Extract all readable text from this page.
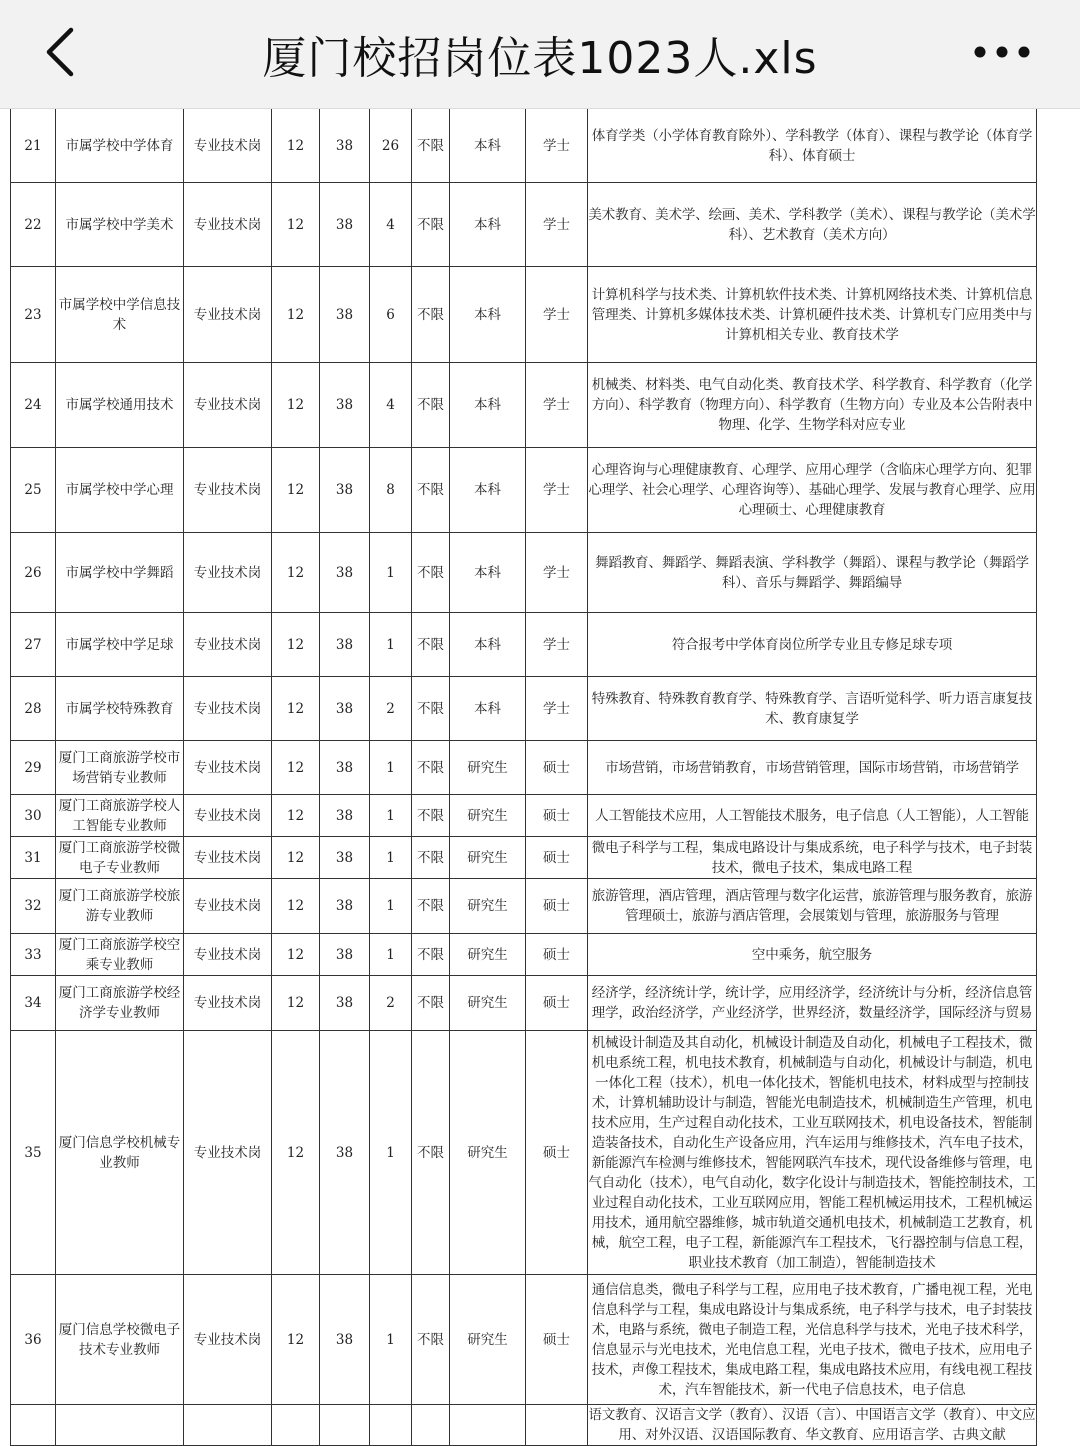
厦门校招岗位表1023人.xls
21	市属学校中学体育	专业技术岗	12	38	26	不限	本科	学士	体育学类（小学体育教育除外）、学科教学（体育）、课程与教学论（体育学科）、体育硕士
22	市属学校中学美术	专业技术岗	12	38	4	不限	本科	学士	美术教育、美术学、绘画、美术、学科教学（美术）、课程与教学论（美术学科）、艺术教育（美术方向）
23	市属学校中学信息技术	专业技术岗	12	38	6	不限	本科	学士	计算机科学与技术类、计算机软件技术类、计算机网络技术类、计算机信息管理类、计算机多媒体技术类、计算机硬件技术类、计算机专门应用类中与计算机相关专业、教育技术学
24	市属学校通用技术	专业技术岗	12	38	4	不限	本科	学士	机械类、材料类、电气自动化类、教育技术学、科学教育、科学教育（化学方向）、科学教育（物理方向）、科学教育（生物方向）专业及本公告附表中物理、化学、生物学科对应专业
25	市属学校中学心理	专业技术岗	12	38	8	不限	本科	学士	心理咨询与心理健康教育、心理学、应用心理学（含临床心理学方向、犯罪心理学、社会心理学、心理咨询等）、基础心理学、发展与教育心理学、应用心理硕士、心理健康教育
26	市属学校中学舞蹈	专业技术岗	12	38	1	不限	本科	学士	舞蹈教育、舞蹈学、舞蹈表演、学科教学（舞蹈）、课程与教学论（舞蹈学科）、音乐与舞蹈学、舞蹈编导
27	市属学校中学足球	专业技术岗	12	38	1	不限	本科	学士	符合报考中学体育岗位所学专业且专修足球专项
28	市属学校特殊教育	专业技术岗	12	38	2	不限	本科	学士	特殊教育、特殊教育教育学、特殊教育学、言语听觉科学、听力语言康复技术、教育康复学
29	厦门工商旅游学校市场营销专业教师	专业技术岗	12	38	1	不限	研究生	硕士	市场营销，市场营销教育，市场营销管理，国际市场营销，市场营销学
30	厦门工商旅游学校人工智能专业教师	专业技术岗	12	38	1	不限	研究生	硕士	人工智能技术应用，人工智能技术服务，电子信息（人工智能），人工智能
31	厦门工商旅游学校微电子专业教师	专业技术岗	12	38	1	不限	研究生	硕士	微电子科学与工程，集成电路设计与集成系统，电子科学与技术，电子封装技术，微电子技术，集成电路工程
32	厦门工商旅游学校旅游专业教师	专业技术岗	12	38	1	不限	研究生	硕士	旅游管理，酒店管理，酒店管理与数字化运营，旅游管理与服务教育，旅游管理硕士，旅游与酒店管理，会展策划与管理，旅游服务与管理
33	厦门工商旅游学校空乘专业教师	专业技术岗	12	38	1	不限	研究生	硕士	空中乘务，航空服务
34	厦门工商旅游学校经济学专业教师	专业技术岗	12	38	2	不限	研究生	硕士	经济学，经济统计学，统计学，应用经济学，经济统计与分析，经济信息管理学，政治经济学，产业经济学，世界经济，数量经济学，国际经济与贸易
35	厦门信息学校机械专业教师	专业技术岗	12	38	1	不限	研究生	硕士	机械设计制造及其自动化，机械设计制造及自动化，机械电子工程技术，微机电系统工程，机电技术教育，机械制造与自动化，机械设计与制造，机电一体化工程（技术），机电一体化技术，智能机电技术，材料成型与控制技术，计算机辅助设计与制造，智能光电制造技术，机械制造生产管理，机电技术应用，生产过程自动化技术，工业互联网技术，机电设备技术，智能制造装备技术，自动化生产设备应用，汽车运用与维修技术，汽车电子技术，新能源汽车检测与维修技术，智能网联汽车技术，现代设备维修与管理，电气自动化（技术），电气自动化，数字化设计与制造技术，智能控制技术，工业过程自动化技术，工业互联网应用，智能工程机械运用技术，工程机械运用技术，通用航空器维修，城市轨道交通机电技术，机械制造工艺教育，机械，航空工程，电子工程，新能源汽车工程技术，飞行器控制与信息工程，职业技术教育（加工制造），智能制造技术
36	厦门信息学校微电子技术专业教师	专业技术岗	12	38	1	不限	研究生	硕士	通信信息类，微电子科学与工程，应用电子技术教育，广播电视工程，光电信息科学与工程，集成电路设计与集成系统，电子科学与技术，电子封装技术，电路与系统，微电子制造工程，光信息科学与技术，光电子技术科学，信息显示与光电技术，光电信息工程，光电子技术，微电子技术，应用电子技术，声像工程技术，集成电路工程，集成电路技术应用，有线电视工程技术，汽车智能技术，新一代电子信息技术，电子信息
									语文教育、汉语言文学（教育）、汉语（言）、中国语言文学（教育）、中文应用、对外汉语、汉语国际教育、华文教育、应用语言学、古典文献
